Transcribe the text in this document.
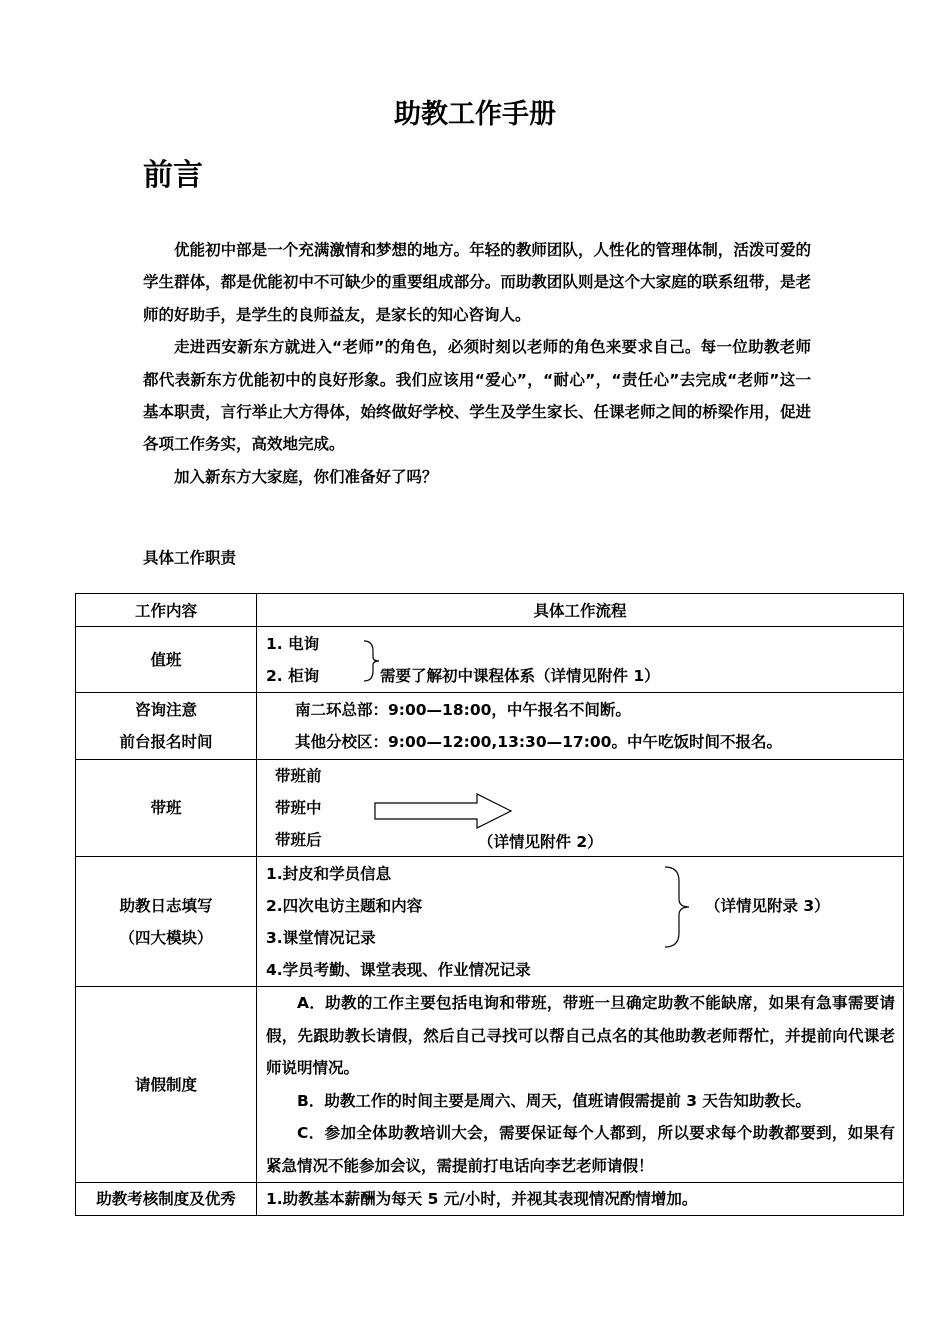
助教工作手册
前言

优能初中部是一个充满激情和梦想的地方。年轻的教师团队，人性化的管理体制，活泼可爱的学生群体，都是优能初中不可缺少的重要组成部分。而助教团队则是这个大家庭的联系纽带，是老师的好助手，是学生的良师益友，是家长的知心咨询人。

走进西安新东方就进入“老师”的角色，必须时刻以老师的角色来要求自己。每一位助教老师都代表新东方优能初中的良好形象。我们应该用“爱心”，“耐心”，“责任心”去完成“老师”这一基本职责，言行举止大方得体，始终做好学校、学生及学生家长、任课老师之间的桥梁作用，促进各项工作务实，高效地完成。

加入新东方大家庭，你们准备好了吗？

具体工作职责
工作内容	具体工作流程
值班	1. 电询
2. 柜询 需要了解初中课程体系（详情见附件 1）

咨询注意
前台报名时间	南二环总部：9:00—18:00，中午报名不间断。
其他分校区：9:00—12:00,13:30—17:00。中午吃饭时间不报名。

带班	带班前
带班中
带班后 （详情见附件 2）

助教日志填写
（四大模块）	1.封皮和学员信息
2.四次电访主题和内容
3.课堂情况记录
4.学员考勤、课堂表现、作业情况记录
（详情见附录 3）

请假制度	A．助教的工作主要包括电询和带班，带班一旦确定助教不能缺席，如果有急事需要请假，先跟助教长请假，然后自己寻找可以帮自己点名的其他助教老师帮忙，并提前向代课老师说明情况。

B．助教工作的时间主要是周六、周天，值班请假需提前 3 天告知助教长。

C．参加全体助教培训大会，需要保证每个人都到，所以要求每个助教都要到，如果有紧急情况不能参加会议，需提前打电话向李艺老师请假！

助教考核制度及优秀	1.助教基本薪酬为每天 5 元/小时，并视其表现情况酌情增加。
